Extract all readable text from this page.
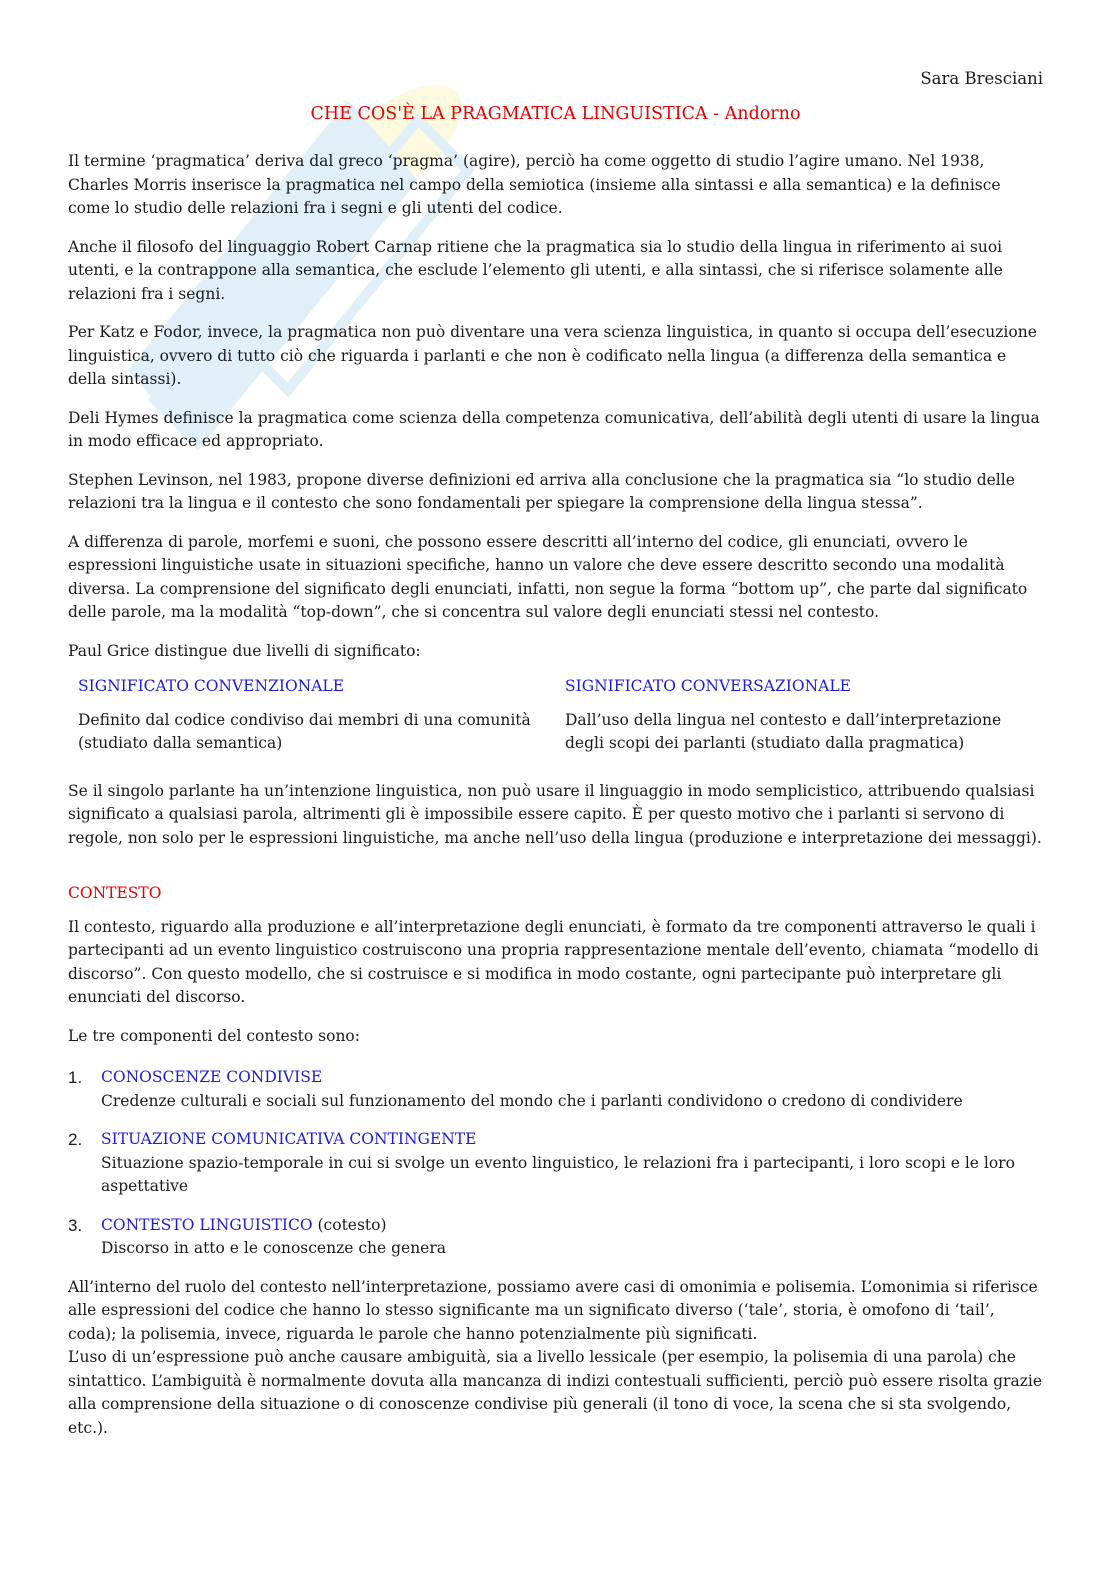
Sara Bresciani
CHE COS'È LA PRAGMATICA LINGUISTICA - Andorno

Il termine ‘pragmatica’ deriva dal greco ‘pragma’ (agire), perciò ha come oggetto di studio l’agire umano. Nel 1938, Charles Morris inserisce la pragmatica nel campo della semiotica (insieme alla sintassi e alla semantica) e la definisce come lo studio delle relazioni fra i segni e gli utenti del codice.

Anche il filosofo del linguaggio Robert Carnap ritiene che la pragmatica sia lo studio della lingua in riferimento ai suoi utenti, e la contrappone alla semantica, che esclude l’elemento gli utenti, e alla sintassi, che si riferisce solamente alle relazioni fra i segni.

Per Katz e Fodor, invece, la pragmatica non può diventare una vera scienza linguistica, in quanto si occupa dell’esecuzione linguistica, ovvero di tutto ciò che riguarda i parlanti e che non è codificato nella lingua (a differenza della semantica e della sintassi).

Deli Hymes definisce la pragmatica come scienza della competenza comunicativa, dell’abilità degli utenti di usare la lingua in modo efficace ed appropriato.

Stephen Levinson, nel 1983, propone diverse definizioni ed arriva alla conclusione che la pragmatica sia “lo studio delle relazioni tra la lingua e il contesto che sono fondamentali per spiegare la comprensione della lingua stessa”.

A differenza di parole, morfemi e suoni, che possono essere descritti all’interno del codice, gli enunciati, ovvero le espressioni linguistiche usate in situazioni specifiche, hanno un valore che deve essere descritto secondo una modalità diversa. La comprensione del significato degli enunciati, infatti, non segue la forma “bottom up”, che parte dal significato delle parole, ma la modalità “top-down”, che si concentra sul valore degli enunciati stessi nel contesto.

Paul Grice distingue due livelli di significato:

SIGNIFICATO CONVENZIONALE
Definito dal codice condiviso dai membri di una comunità (studiato dalla semantica)
SIGNIFICATO CONVERSAZIONALE
Dall’uso della lingua nel contesto e dall’interpretazione degli scopi dei parlanti (studiato dalla pragmatica)

Se il singolo parlante ha un’intenzione linguistica, non può usare il linguaggio in modo semplicistico, attribuendo qualsiasi significato a qualsiasi parola, altrimenti gli è impossibile essere capito. È per questo motivo che i parlanti si servono di regole, non solo per le espressioni linguistiche, ma anche nell’uso della lingua (produzione e interpretazione dei messaggi).

CONTESTO

Il contesto, riguardo alla produzione e all’interpretazione degli enunciati, è formato da tre componenti attraverso le quali i partecipanti ad un evento linguistico costruiscono una propria rappresentazione mentale dell’evento, chiamata “modello di discorso”. Con questo modello, che si costruisce e si modifica in modo costante, ogni partecipante può interpretare gli enunciati del discorso.

Le tre componenti del contesto sono:

1. CONOSCENZE CONDIVISE
Credenze culturali e sociali sul funzionamento del mondo che i parlanti condividono o credono di condividere
2. SITUAZIONE COMUNICATIVA CONTINGENTE
Situazione spazio-temporale in cui si svolge un evento linguistico, le relazioni fra i partecipanti, i loro scopi e le loro aspettative
3. CONTESTO LINGUISTICO (cotesto)
Discorso in atto e le conoscenze che genera

All’interno del ruolo del contesto nell’interpretazione, possiamo avere casi di omonimia e polisemia. L’omonimia si riferisce alle espressioni del codice che hanno lo stesso significante ma un significato diverso (‘tale’, storia, è omofono di ‘tail’, coda); la polisemia, invece, riguarda le parole che hanno potenzialmente più significati.

L’uso di un’espressione può anche causare ambiguità, sia a livello lessicale (per esempio, la polisemia di una parola) che sintattico. L’ambiguità è normalmente dovuta alla mancanza di indizi contestuali sufficienti, perciò può essere risolta grazie alla comprensione della situazione o di conoscenze condivise più generali (il tono di voce, la scena che si sta svolgendo, etc.).
